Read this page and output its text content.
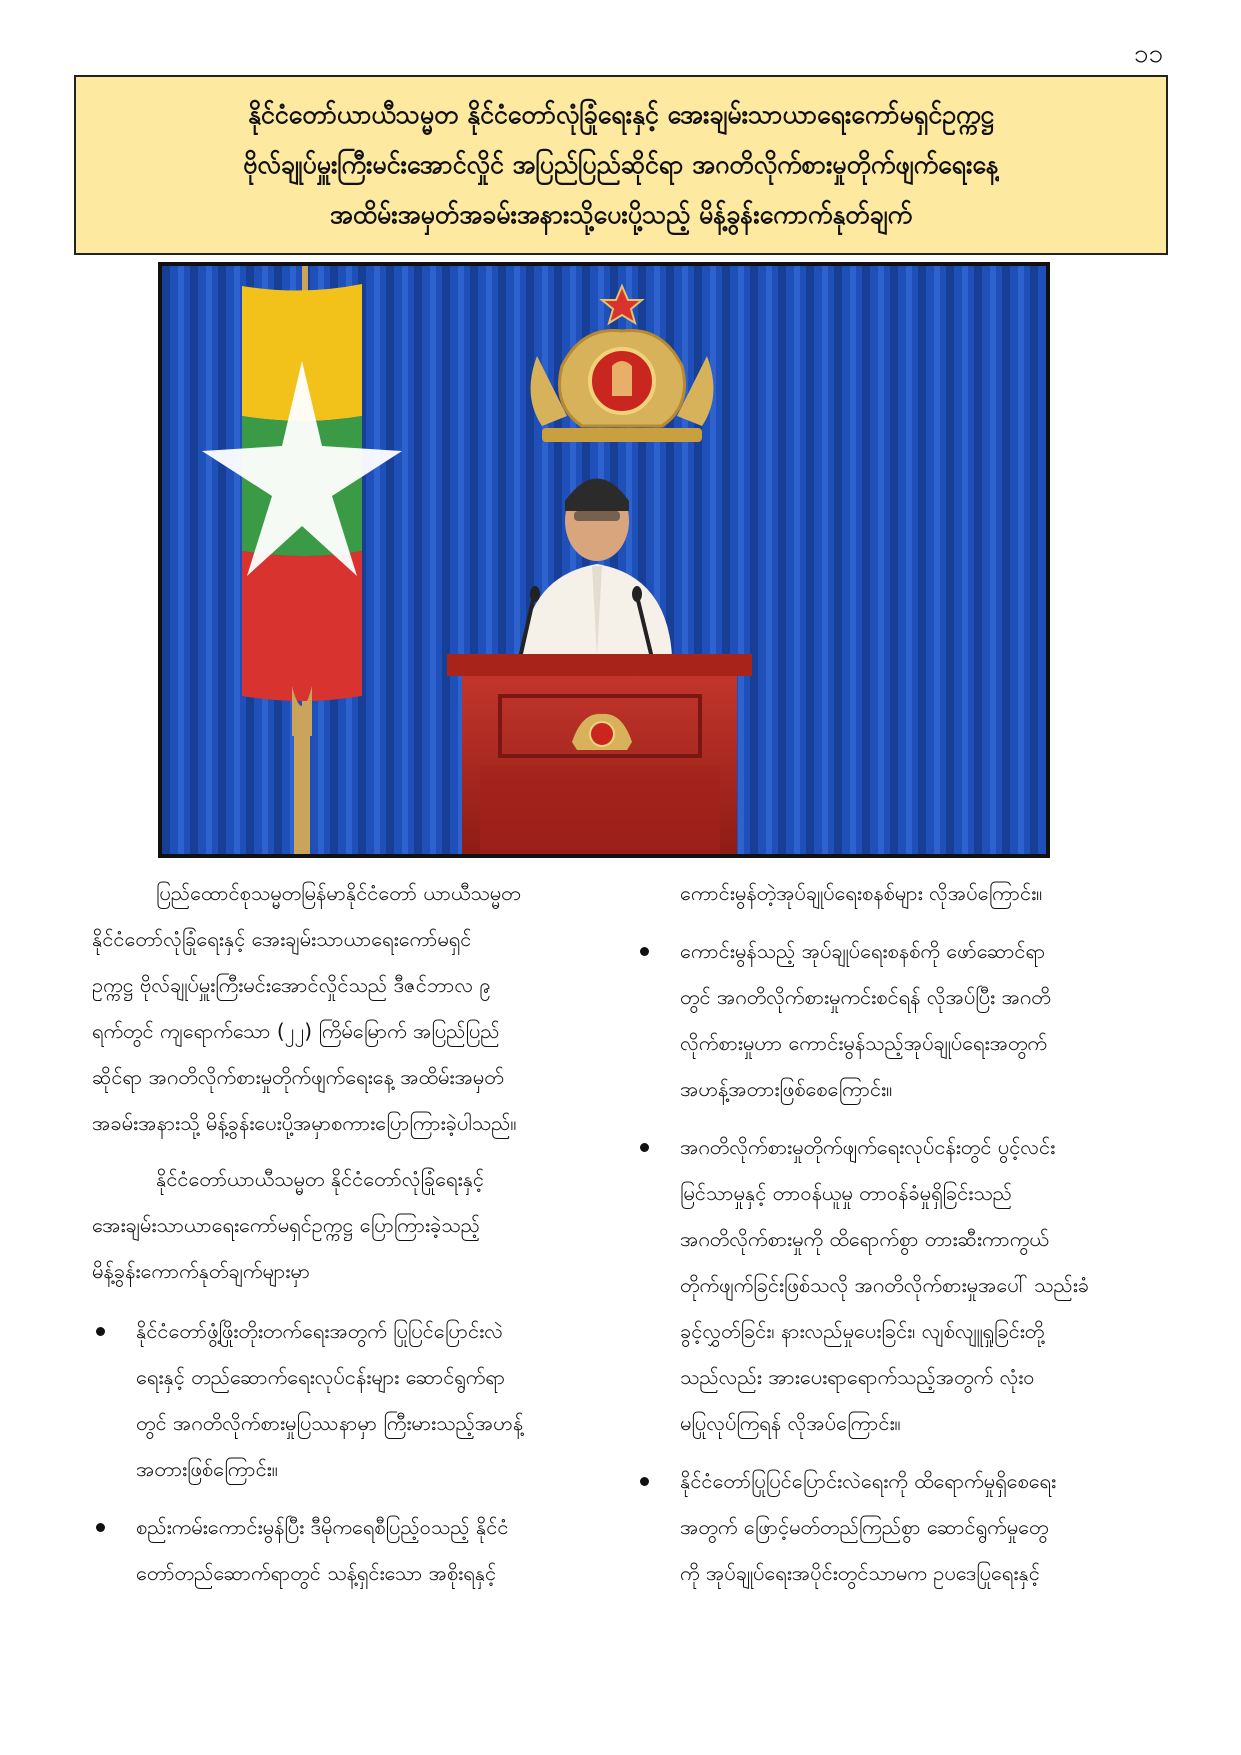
၁၁
နိုင်ငံတော်ယာယီသမ္မတ နိုင်ငံတော်လုံခြုံရေးနှင့် အေးချမ်းသာယာရေးကော်မရှင်ဥက္ကဋ္ဌ
ဗိုလ်ချုပ်မှူးကြီးမင်းအောင်လှိုင် အပြည်ပြည်ဆိုင်ရာ အဂတိလိုက်စားမှုတိုက်ဖျက်ရေးနေ့
အထိမ်းအမှတ်အခမ်းအနားသို့ပေးပို့သည့် မိန့်ခွန်းကောက်နုတ်ချက်
ပြည်ထောင်စုသမ္မတမြန်မာနိုင်ငံတော် ယာယီသမ္မတ
နိုင်ငံတော်လုံခြုံရေးနှင့် အေးချမ်းသာယာရေးကော်မရှင်
ဥက္ကဋ္ဌ ဗိုလ်ချုပ်မှူးကြီးမင်းအောင်လှိုင်သည် ဒီဇင်ဘာလ ၉
ရက်တွင် ကျရောက်သော (၂၂) ကြိမ်မြောက် အပြည်ပြည်
ဆိုင်ရာ အဂတိလိုက်စားမှုတိုက်ဖျက်ရေးနေ့ အထိမ်းအမှတ်
အခမ်းအနားသို့ မိန့်ခွန်းပေးပို့အမှာစကားပြောကြားခဲ့ပါသည်။
နိုင်ငံတော်ယာယီသမ္မတ နိုင်ငံတော်လုံခြုံရေးနှင့်
အေးချမ်းသာယာရေးကော်မရှင်ဥက္ကဋ္ဌ ပြောကြားခဲ့သည့်
မိန့်ခွန်းကောက်နုတ်ချက်များမှာ
နိုင်ငံတော်ဖွံ့ဖြိုးတိုးတက်ရေးအတွက် ပြုပြင်ပြောင်းလဲ
ရေးနှင့် တည်ဆောက်ရေးလုပ်ငန်းများ ဆောင်ရွက်ရာ
တွင် အဂတိလိုက်စားမှုပြဿနာမှာ ကြီးမားသည့်အဟန့်
အတားဖြစ်ကြောင်း။
စည်းကမ်းကောင်းမွန်ပြီး ဒီမိုကရေစီပြည့်ဝသည့် နိုင်ငံ
တော်တည်ဆောက်ရာတွင် သန့်ရှင်းသော အစိုးရနှင့်
ကောင်းမွန်တဲ့အုပ်ချုပ်ရေးစနစ်များ လိုအပ်ကြောင်း။
ကောင်းမွန်သည့် အုပ်ချုပ်ရေးစနစ်ကို ဖော်ဆောင်ရာ
တွင် အဂတိလိုက်စားမှုကင်းစင်ရန် လိုအပ်ပြီး အဂတိ
လိုက်စားမှုဟာ ကောင်းမွန်သည့်အုပ်ချုပ်ရေးအတွက်
အဟန့်အတားဖြစ်စေကြောင်း။
အဂတိလိုက်စားမှုတိုက်ဖျက်ရေးလုပ်ငန်းတွင် ပွင့်လင်း
မြင်သာမှုနှင့် တာဝန်ယူမှု တာဝန်ခံမှုရှိခြင်းသည်
အဂတိလိုက်စားမှုကို ထိရောက်စွာ တားဆီးကာကွယ်
တိုက်ဖျက်ခြင်းဖြစ်သလို အဂတိလိုက်စားမှုအပေါ် သည်းခံ
ခွင့်လွှတ်ခြင်း၊ နားလည်မှုပေးခြင်း၊ လျစ်လျူရှုခြင်းတို့
သည်လည်း အားပေးရာရောက်သည့်အတွက် လုံးဝ
မပြုလုပ်ကြရန် လိုအပ်ကြောင်း။
နိုင်ငံတော်ပြုပြင်ပြောင်းလဲရေးကို ထိရောက်မှုရှိစေရေး
အတွက် ဖြောင့်မတ်တည်ကြည်စွာ ဆောင်ရွက်မှုတွေ
ကို အုပ်ချုပ်ရေးအပိုင်းတွင်သာမက ဥပဒေပြုရေးနှင့်
